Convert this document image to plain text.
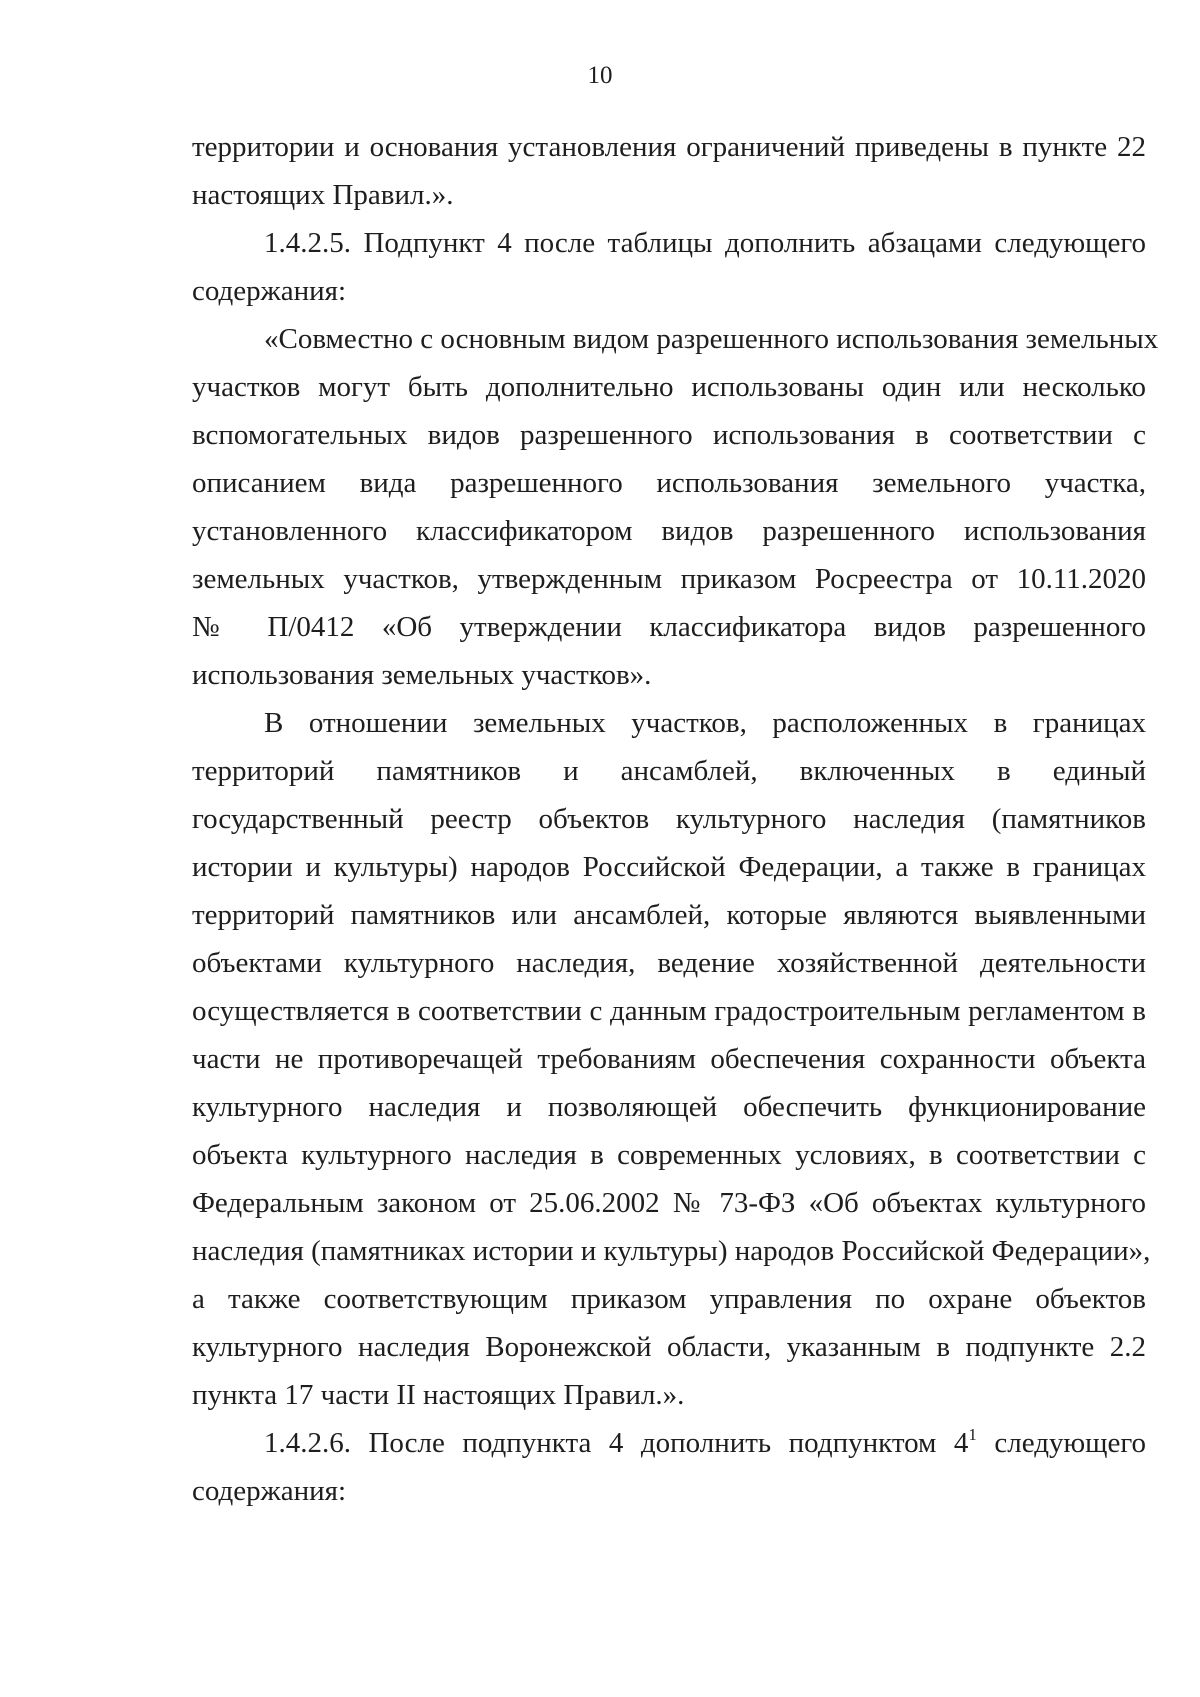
10
территории и основания установления ограничений приведены в пункте 22
настоящих Правил.».
1.4.2.5. Подпункт 4 после таблицы дополнить абзацами следующего
содержания:
«Совместно с основным видом разрешенного использования земельных
участков могут быть дополнительно использованы один или несколько
вспомогательных видов разрешенного использования в соответствии с
описанием вида разрешенного использования земельного участка,
установленного классификатором видов разрешенного использования
земельных участков, утвержденным приказом Росреестра от 10.11.2020
№ П/0412 «Об утверждении классификатора видов разрешенного
использования земельных участков».
В отношении земельных участков, расположенных в границах
территорий памятников и ансамблей, включенных в единый
государственный реестр объектов культурного наследия (памятников
истории и культуры) народов Российской Федерации, а также в границах
территорий памятников или ансамблей, которые являются выявленными
объектами культурного наследия, ведение хозяйственной деятельности
осуществляется в соответствии с данным градостроительным регламентом в
части не противоречащей требованиям обеспечения сохранности объекта
культурного наследия и позволяющей обеспечить функционирование
объекта культурного наследия в современных условиях, в соответствии с
Федеральным законом от 25.06.2002 № 73-ФЗ «Об объектах культурного
наследия (памятниках истории и культуры) народов Российской Федерации»,
а также соответствующим приказом управления по охране объектов
культурного наследия Воронежской области, указанным в подпункте 2.2
пункта 17 части II настоящих Правил.».
1.4.2.6. После подпункта 4 дополнить подпунктом $4^1$ следующего
содержания:
